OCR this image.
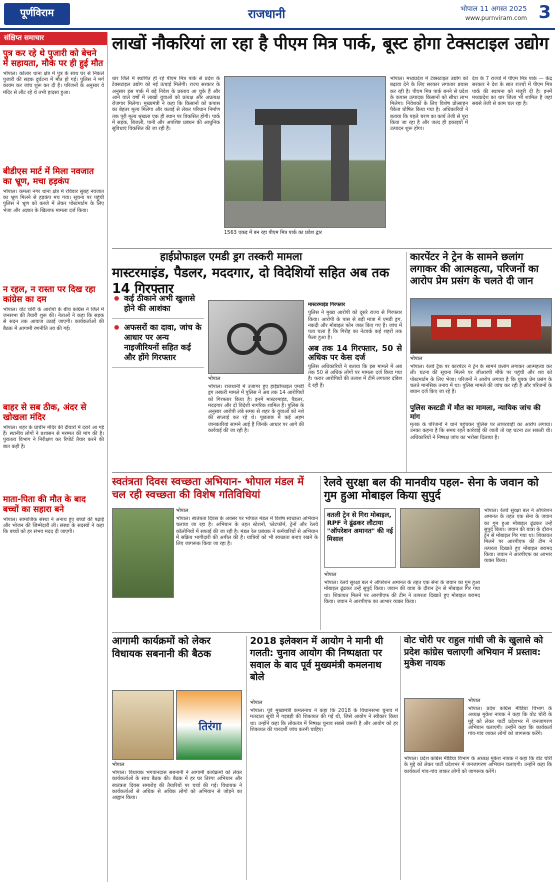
पूर्णविराम	राजधानी	भोपाल 11 अगस्त 2025
www.purnviram.com 3
संक्षिप्त समाचार
पुत्र कर रहे थे पुजारी को बेचने में सहायता, मौके पर ही हुई मौत
भोपाल। कोलार थाना क्षेत्र में पुत्र के साथ घर से निकले पुजारी की सड़क दुर्घटना में मौत हो गई। पुलिस ने मर्ग कायम कर जांच शुरू कर दी है। परिजनों के अनुसार वे मंदिर से लौट रहे थे तभी हादसा हुआ।
बीडीएस मार्ट में मिला नवजात का भ्रूण, मचा हड़कंप
भोपाल। कमला नगर थाना क्षेत्र में रविवार सुबह नवजात का भ्रूण मिलने से हड़कंप मच गया। सूचना पर पहुंची पुलिस ने भ्रूण को कब्जे में लेकर पोस्टमार्टम के लिए भेजा और अज्ञात के खिलाफ मामला दर्ज किया।
न रहल, न रास्ता पर दिख रहा कांग्रेस का दम
भोपाल। वोट चोरी के आरोपों के बीच कांग्रेस ने जिले में जनसभा की तैयारी शुरू की। नेताओं ने कहा कि सड़क से सदन तक आवाज उठाई जाएगी। कार्यकर्ताओं की बैठक में आगामी रणनीति तय की गई।
बाहर से सब ठीक, अंदर से खोखला मंदिर
भोपाल। शहर के प्राचीन मंदिर की दीवारों में दरारें आ गई हैं। स्थानीय लोगों ने प्रशासन से मरम्मत की मांग की है। पुरातत्व विभाग ने निरीक्षण कर रिपोर्ट तैयार करने की बात कही है।
माता-पिता की मौत के बाद बच्चों का सहारा बने
भोपाल। सामाजिक संस्था ने अनाथ हुए बच्चों की पढ़ाई और भोजन की जिम्मेदारी ली। संस्था के सदस्यों ने कहा कि बच्चों को हर संभव मदद दी जाएगी।
लाखों नौकरियां ला रहा है पीएम मित्र पार्क, बूस्ट होगा टेक्सटाइल उद्योग
धार जिले में स्थापित हो रहे पीएम मित्र पार्क से प्रदेश के टेक्सटाइल उद्योग को नई ऊंचाई मिलेगी। राज्य सरकार के अनुसार इस पार्क में बड़े निवेश के प्रस्ताव आ चुके हैं और आने वाले वर्षों में लाखों युवाओं को प्रत्यक्ष और अप्रत्यक्ष रोजगार मिलेगा। मुख्यमंत्री ने कहा कि किसानों को कपास का बेहतर मूल्य मिलेगा और कताई से लेकर परिधान निर्माण तक पूरी मूल्य श्रृंखला एक ही स्थान पर विकसित होगी। पार्क में सड़क, बिजली, पानी और अपशिष्ट प्रबंधन की आधुनिक सुविधाएं विकसित की जा रही हैं।
1563 एकड़ में बन रहा पीएम मित्र पार्क का प्रवेश द्वार
भोपाल। मध्यप्रदेश में टेक्सटाइल उद्योग को बढ़ावा देने के लिए सरकार लगातार प्रयास कर रही है। पीएम मित्र पार्क बनने से प्रदेश के कपास उत्पादक किसानों को सीधा लाभ मिलेगा। निवेशकों के लिए विशेष प्रोत्साहन पैकेज घोषित किया गया है। अधिकारियों ने बताया कि पहले चरण का कार्य तेजी से पूरा किया जा रहा है और जल्द ही इकाइयों में उत्पादन शुरू होगा।
देश के 7 राज्यों में पीएम मित्र पार्क — केंद्र सरकार ने देश के सात राज्यों में पीएम मित्र पार्क की स्थापना को मंजूरी दी है। इनमें मध्यप्रदेश का धार जिला भी शामिल है जहां सबसे तेजी से काम चल रहा है।
हाईप्रोफाइल एमडी ड्रग तस्करी मामला
मास्टरमाइंड, पैडलर, मददगार, दो विदेशियों सहित अब तक 14 गिरफ्तार
● कई ठीकाने अभी खुलासे होने की आशंका
● अफसरों का दावा, जांच के आधार पर अन्य नाइजीरियनों सहित कई और होंगे गिरफ्तार
भोपाल
भोपाल। राजधानी में उजागर हुए हाईप्रोफाइल एमडी ड्रग तस्करी मामले में पुलिस ने अब तक 14 आरोपियों को गिरफ्तार किया है। इनमें मास्टरमाइंड, पैडलर, मददगार और दो विदेशी नागरिक शामिल हैं। पुलिस के अनुसार आरोपी लंबे समय से शहर के युवाओं को नशे की सप्लाई कर रहे थे। पूछताछ में कई अहम जानकारियां सामने आई हैं जिनके आधार पर आगे की कार्रवाई की जा रही है।

मास्टरमाइंड गिरफ्तार

पुलिस ने मुख्य आरोपी को दूसरे राज्य से गिरफ्तार किया। आरोपी के पास से बड़ी मात्रा में एमडी ड्रग, नकदी और मोबाइल फोन जब्त किए गए हैं। जांच में पता चला है कि गिरोह का नेटवर्क कई शहरों तक फैला हुआ है।

अब तक 14 गिरफ्तार, 50 से अधिक पर केस दर्ज

पुलिस अधिकारियों ने बताया कि इस मामले में अब तक 50 से अधिक लोगों पर मामला दर्ज किया गया है। फरार आरोपियों की तलाश में टीमें लगातार दबिश दे रही हैं।

कारपेंटर ने ट्रेन के सामने छलांग लगाकर की आत्महत्या, परिजनों का आरोप प्रेम प्रसंग के चलते दी जान
भोपाल
भोपाल। रेलवे ट्रैक पर कारपेंटर ने ट्रेन के सामने छलांग लगाकर आत्महत्या कर ली। घटना की सूचना मिलने पर जीआरपी मौके पर पहुंची और शव को पोस्टमार्टम के लिए भेजा। परिजनों ने आरोप लगाया है कि युवक प्रेम प्रसंग के चलते मानसिक तनाव में था। पुलिस मामले की जांच कर रही है और परिजनों के बयान दर्ज किए जा रहे हैं।
पुलिस कस्टडी में मौत का मामला, न्यायिक जांच की मांग
मृतक के परिजनों ने थाने पहुंचकर पुलिस पर लापरवाही का आरोप लगाया। उनका कहना है कि समय रहते कार्रवाई की जाती तो यह घटना टल सकती थी। अधिकारियों ने निष्पक्ष जांच का भरोसा दिलाया है।
स्वतंत्रता दिवस स्वच्छता अभियान- भोपाल मंडल में चल रही स्वच्छता की विशेष गतिविधियां
भोपाल
भोपाल। स्वतंत्रता दिवस के अवसर पर भोपाल मंडल में विशेष स्वच्छता अभियान चलाया जा रहा है। अभियान के तहत स्टेशनों, प्लेटफॉर्म, ट्रेनों और रेलवे कॉलोनियों में सफाई की जा रही है। मंडल रेल प्रबंधक ने कर्मचारियों से अभियान में सक्रिय भागीदारी की अपील की है। यात्रियों को भी स्वच्छता बनाए रखने के लिए जागरूक किया जा रहा है।
रेलवे सुरक्षा बल की मानवीय पहल- सेना के जवान को गुम हुआ मोबाइल किया सुपुर्द
वतली ट्रेन से गिरा मोबाइल, RPF ने ढूंढकर लौटाया "ऑपरेशन अमानत" की नई मिसाल
भोपाल
भोपाल। रेलवे सुरक्षा बल ने ऑपरेशन अमानत के तहत एक सेना के जवान का गुम हुआ मोबाइल ढूंढकर उन्हें सुपुर्द किया। जवान की यात्रा के दौरान ट्रेन से मोबाइल गिर गया था। शिकायत मिलने पर आरपीएफ की टीम ने तत्परता दिखाते हुए मोबाइल बरामद किया। जवान ने आरपीएफ का आभार व्यक्त किया।
भोपाल। रेलवे सुरक्षा बल ने ऑपरेशन अमानत के तहत एक सेना के जवान का गुम हुआ मोबाइल ढूंढकर उन्हें सुपुर्द किया। जवान की यात्रा के दौरान ट्रेन से मोबाइल गिर गया था। शिकायत मिलने पर आरपीएफ की टीम ने तत्परता दिखाते हुए मोबाइल बरामद किया। जवान ने आरपीएफ का आभार व्यक्त किया।
आगामी कार्यक्रमों को लेकर विधायक सबनानी की बैठक
तिरंगा
भोपाल
भोपाल। विधायक भगवानदास सबनानी ने आगामी कार्यक्रमों को लेकर कार्यकर्ताओं के साथ बैठक की। बैठक में हर घर तिरंगा अभियान और स्वतंत्रता दिवस समारोह की तैयारियों पर चर्चा की गई। विधायक ने कार्यकर्ताओं से अधिक से अधिक लोगों को अभियान से जोड़ने का आह्वान किया।
2018 इलेक्शन में आयोग ने मानी थी गलती: चुनाव आयोग की निष्पक्षता पर सवाल के बाद पूर्व मुख्यमंत्री कमलनाथ बोले
भोपाल
भोपाल। पूर्व मुख्यमंत्री कमलनाथ ने कहा कि 2018 के विधानसभा चुनाव में मतदाता सूची में गड़बड़ी की शिकायत की गई थी, जिसे आयोग ने स्वीकार किया था। उन्होंने कहा कि लोकतंत्र में निष्पक्ष चुनाव सबसे जरूरी है और आयोग को हर शिकायत की पारदर्शी जांच करनी चाहिए।
वोट चोरी पर राहुल गांधी जी के खुलासे को प्रदेश कांग्रेस चलाएगी अभियान में प्रस्ताव: मुकेश नायक
भोपाल
भोपाल। प्रदेश कांग्रेस मीडिया विभाग के अध्यक्ष मुकेश नायक ने कहा कि वोट चोरी के मुद्दे को लेकर पार्टी प्रदेशभर में जनजागरण अभियान चलाएगी। उन्होंने कहा कि कार्यकर्ता गांव-गांव जाकर लोगों को जागरूक करेंगे।
भोपाल। प्रदेश कांग्रेस मीडिया विभाग के अध्यक्ष मुकेश नायक ने कहा कि वोट चोरी के मुद्दे को लेकर पार्टी प्रदेशभर में जनजागरण अभियान चलाएगी। उन्होंने कहा कि कार्यकर्ता गांव-गांव जाकर लोगों को जागरूक करेंगे।
